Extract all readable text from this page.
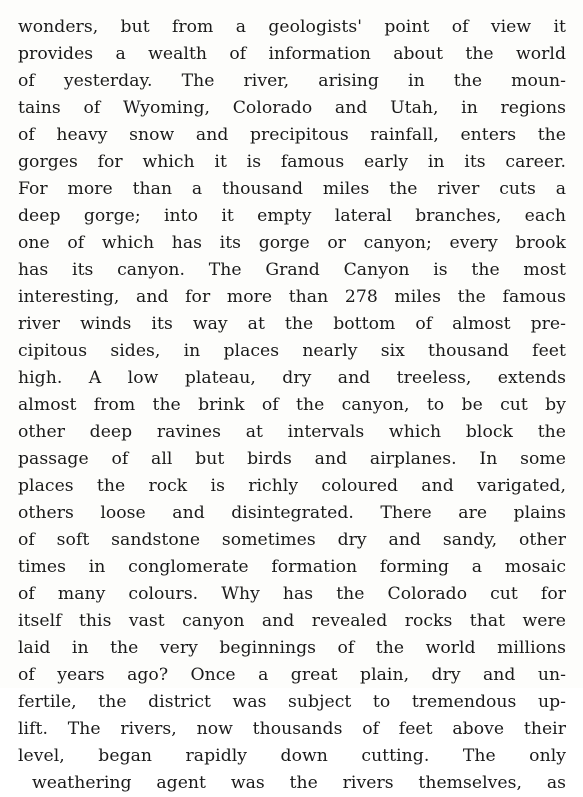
wonders, but from a geologists' point of view it
provides a wealth of information about the world
of yesterday. The river, arising in the moun-
tains of Wyoming, Colorado and Utah, in regions
of heavy snow and precipitous rainfall, enters the
gorges for which it is famous early in its career.
For more than a thousand miles the river cuts a
deep gorge; into it empty lateral branches, each
one of which has its gorge or canyon; every brook
has its canyon. The Grand Canyon is the most
interesting, and for more than 278 miles the famous
river winds its way at the bottom of almost pre-
cipitous sides, in places nearly six thousand feet
high. A low plateau, dry and treeless, extends
almost from the brink of the canyon, to be cut by
other deep ravines at intervals which block the
passage of all but birds and airplanes. In some
places the rock is richly coloured and varigated,
others loose and disintegrated. There are plains
of soft sandstone sometimes dry and sandy, other
times in conglomerate formation forming a mosaic
of many colours. Why has the Colorado cut for
itself this vast canyon and revealed rocks that were
laid in the very beginnings of the world millions
of years ago? Once a great plain, dry and un-
fertile, the district was subject to tremendous up-
lift. The rivers, now thousands of feet above their
level, began rapidly down cutting. The only
weathering agent was the rivers themselves, as
